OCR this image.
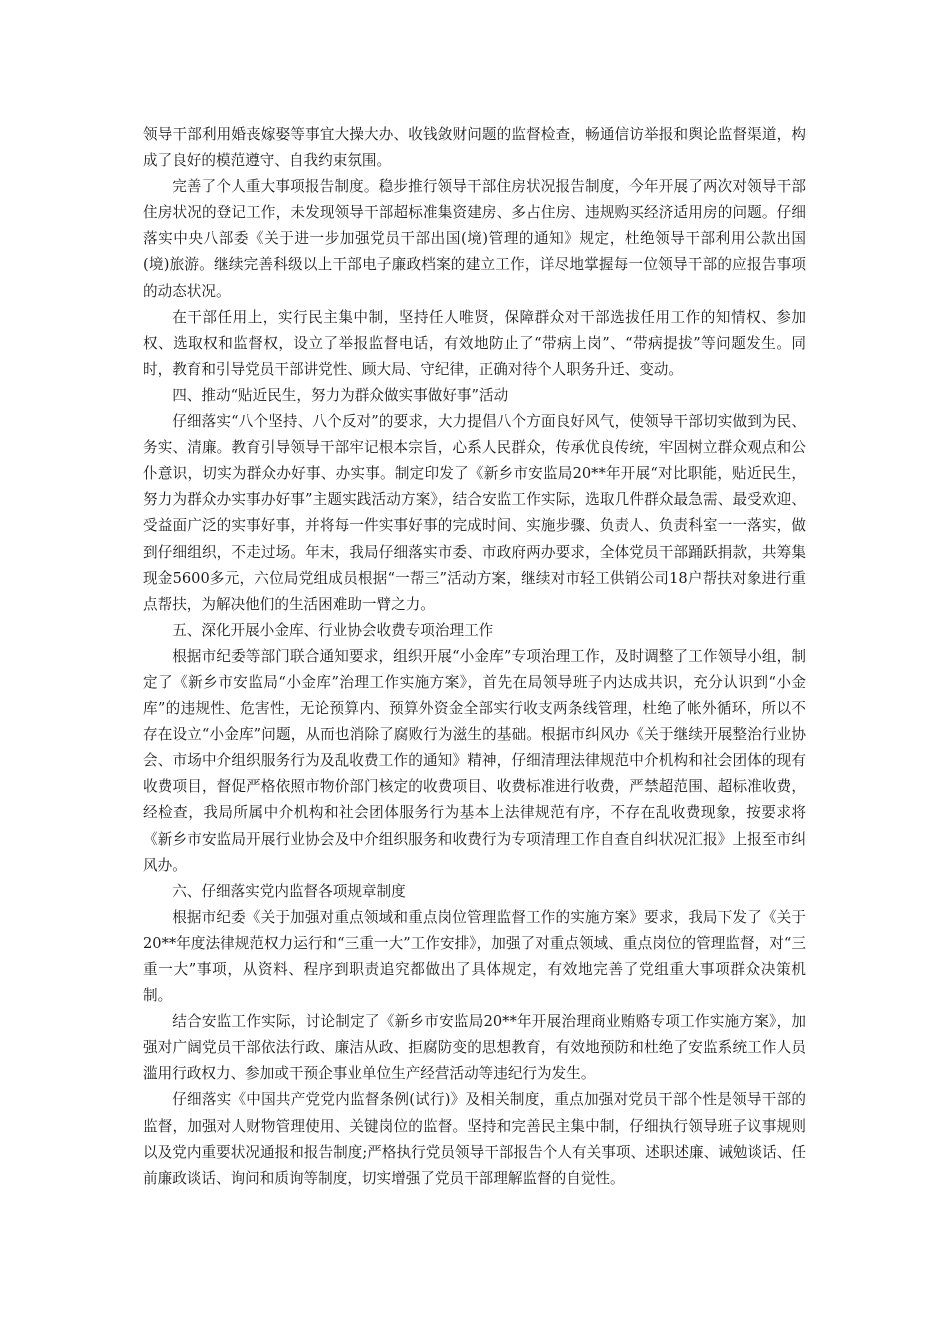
领导干部利用婚丧嫁娶等事宜大操大办、收钱敛财问题的监督检查，畅通信访举报和舆论监督渠道，构成了良好的模范遵守、自我约束氛围。

完善了个人重大事项报告制度。稳步推行领导干部住房状况报告制度，今年开展了两次对领导干部住房状况的登记工作，未发现领导干部超标准集资建房、多占住房、违规购买经济适用房的问题。仔细落实中央八部委《关于进一步加强党员干部出国(境)管理的通知》规定，杜绝领导干部利用公款出国(境)旅游。继续完善科级以上干部电子廉政档案的建立工作，详尽地掌握每一位领导干部的应报告事项的动态状况。

在干部任用上，实行民主集中制，坚持任人唯贤，保障群众对干部选拔任用工作的知情权、参加权、选取权和监督权，设立了举报监督电话，有效地防止了“带病上岗”、“带病提拔”等问题发生。同时，教育和引导党员干部讲党性、顾大局、守纪律，正确对待个人职务升迁、变动。

四、推动“贴近民生，努力为群众做实事做好事”活动

仔细落实“八个坚持、八个反对”的要求，大力提倡八个方面良好风气，使领导干部切实做到为民、务实、清廉。教育引导领导干部牢记根本宗旨，心系人民群众，传承优良传统，牢固树立群众观点和公仆意识，切实为群众办好事、办实事。制定印发了《新乡市安监局20**年开展“对比职能，贴近民生，努力为群众办实事办好事”主题实践活动方案》，结合安监工作实际，选取几件群众最急需、最受欢迎、受益面广泛的实事好事，并将每一件实事好事的完成时间、实施步骤、负责人、负责科室一一落实，做到仔细组织，不走过场。年末，我局仔细落实市委、市政府两办要求，全体党员干部踊跃捐款，共筹集现金5600多元，六位局党组成员根据“一帮三”活动方案，继续对市轻工供销公司18户帮扶对象进行重点帮扶，为解决他们的生活困难助一臂之力。

五、深化开展小金库、行业协会收费专项治理工作

根据市纪委等部门联合通知要求，组织开展“小金库”专项治理工作，及时调整了工作领导小组，制定了《新乡市安监局“小金库”治理工作实施方案》，首先在局领导班子内达成共识，充分认识到“小金库”的违规性、危害性，无论预算内、预算外资金全部实行收支两条线管理，杜绝了帐外循环，所以不存在设立“小金库”问题，从而也消除了腐败行为滋生的基础。根据市纠风办《关于继续开展整治行业协会、市场中介组织服务行为及乱收费工作的通知》精神，仔细清理法律规范中介机构和社会团体的现有收费项目，督促严格依照市物价部门核定的收费项目、收费标准进行收费，严禁超范围、超标准收费，经检查，我局所属中介机构和社会团体服务行为基本上法律规范有序，不存在乱收费现象，按要求将《新乡市安监局开展行业协会及中介组织服务和收费行为专项清理工作自查自纠状况汇报》上报至市纠风办。

六、仔细落实党内监督各项规章制度

根据市纪委《关于加强对重点领域和重点岗位管理监督工作的实施方案》要求，我局下发了《关于20**年度法律规范权力运行和“三重一大”工作安排》，加强了对重点领域、重点岗位的管理监督，对“三重一大”事项，从资料、程序到职责追究都做出了具体规定，有效地完善了党组重大事项群众决策机制。

结合安监工作实际，讨论制定了《新乡市安监局20**年开展治理商业贿赂专项工作实施方案》，加强对广阔党员干部依法行政、廉洁从政、拒腐防变的思想教育，有效地预防和杜绝了安监系统工作人员滥用行政权力、参加或干预企事业单位生产经营活动等违纪行为发生。

仔细落实《中国共产党党内监督条例(试行)》及相关制度，重点加强对党员干部个性是领导干部的监督，加强对人财物管理使用、关键岗位的监督。坚持和完善民主集中制，仔细执行领导班子议事规则以及党内重要状况通报和报告制度;严格执行党员领导干部报告个人有关事项、述职述廉、诫勉谈话、任前廉政谈话、询问和质询等制度，切实增强了党员干部理解监督的自觉性。
